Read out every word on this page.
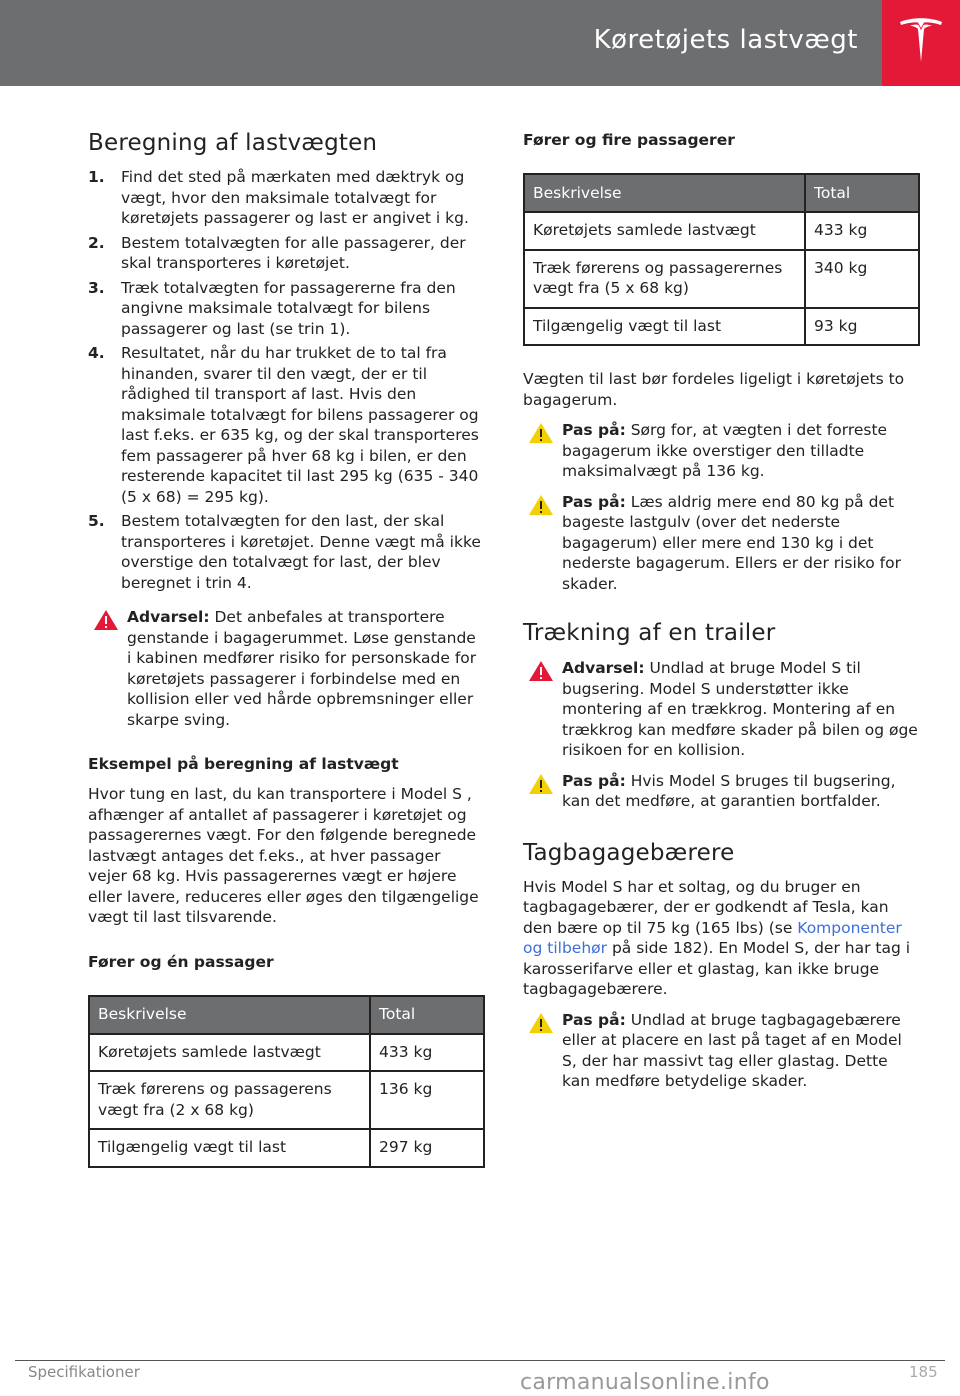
Køretøjets lastvægt
Beregning af lastvægten
1. Find det sted på mærkaten med dæktryk og vægt, hvor den maksimale totalvægt for køretøjets passagerer og last er angivet i kg.
2. Bestem totalvægten for alle passagerer, der skal transporteres i køretøjet.
3. Træk totalvægten for passagererne fra den angivne maksimale totalvægt for bilens passagerer og last (se trin 1).
4. Resultatet, når du har trukket de to tal fra hinanden, svarer til den vægt, der er til rådighed til transport af last. Hvis den maksimale totalvægt for bilens passagerer og last f.eks. er 635 kg, og der skal transporteres fem passagerer på hver 68 kg i bilen, er den resterende kapacitet til last 295 kg (635 - 340 (5 x 68) = 295 kg).
5. Bestem totalvægten for den last, der skal transporteres i køretøjet. Denne vægt må ikke overstige den totalvægt for last, der blev beregnet i trin 4.
Advarsel: Det anbefales at transportere genstande i bagagerummet. Løse genstande i kabinen medfører risiko for personskade for køretøjets passagerer i forbindelse med en kollision eller ved hårde opbremsninger eller skarpe sving.
Eksempel på beregning af lastvægt

Hvor tung en last, du kan transportere i Model S , afhænger af antallet af passagerer i køretøjet og passagerernes vægt. For den følgende beregnede lastvægt antages det f.eks., at hver passager vejer 68 kg. Hvis passagerernes vægt er højere eller lavere, reduceres eller øges den tilgængelige vægt til last tilsvarende.

Fører og én passager
Beskrivelse	Total
Køretøjets samlede lastvægt	433 kg
Træk førerens og passagerens vægt fra (2 x 68 kg)	136 kg
Tilgængelig vægt til last	297 kg
Fører og fire passagerer
Beskrivelse	Total
Køretøjets samlede lastvægt	433 kg
Træk førerens og passagerernes vægt fra (5 x 68 kg)	340 kg
Tilgængelig vægt til last	93 kg

Vægten til last bør fordeles ligeligt i køretøjets to bagagerum.

Pas på: Sørg for, at vægten i det forreste bagagerum ikke overstiger den tilladte maksimalvægt på 136 kg.
Pas på: Læs aldrig mere end 80 kg på det bageste lastgulv (over det nederste bagagerum) eller mere end 130 kg i det nederste bagagerum. Ellers er der risiko for skader.
Trækning af en trailer
Advarsel: Undlad at bruge Model S til bugsering. Model S understøtter ikke montering af en trækkrog. Montering af en trækkrog kan medføre skader på bilen og øge risikoen for en kollision.
Pas på: Hvis Model S bruges til bugsering, kan det medføre, at garantien bortfalder.
Tagbagagebærere

Hvis Model S har et soltag, og du bruger en tagbagagebærer, der er godkendt af Tesla, kan den bære op til 75 kg (165 lbs) (se Komponenter og tilbehør på side 182). En Model S, der har tag i karosserifarve eller et glastag, kan ikke bruge tagbagagebærere.

Pas på: Undlad at bruge tagbagagebærere eller at placere en last på taget af en Model S, der har massivt tag eller glastag. Dette kan medføre betydelige skader.
Specifikationer	185
carmanualsonline.info
